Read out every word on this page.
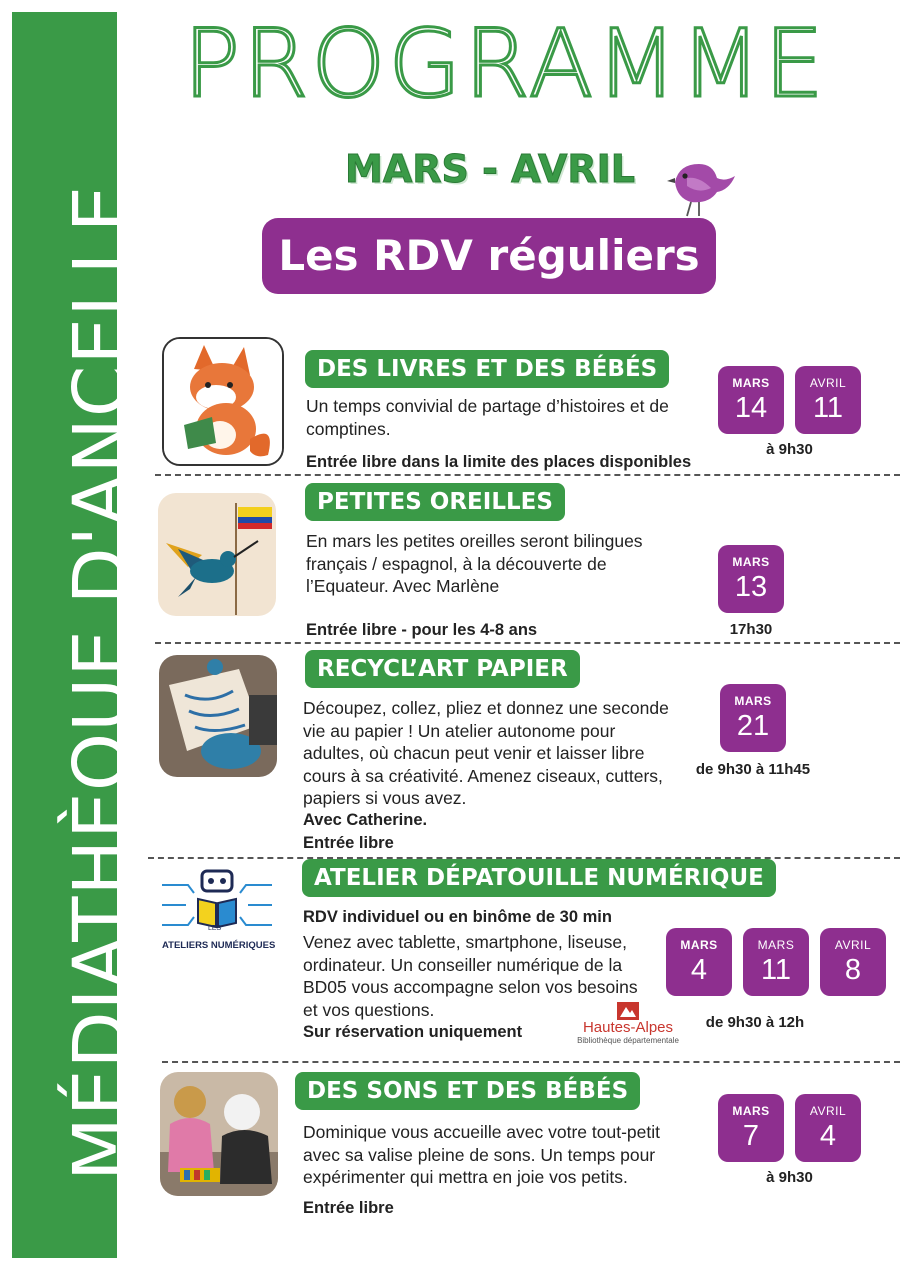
MÉDIATHÈQUE D'ANCELLE
PROGRAMME
MARS - AVRIL
Les RDV réguliers
DES LIVRES ET DES BÉBÉS
Un temps convivial de partage d’histoires et de comptines.
Entrée libre dans la limite des places disponibles
MARS
14
AVRIL
11
à 9h30
PETITES OREILLES
En mars les petites oreilles seront bilingues français / espagnol, à la découverte de l’Equateur. Avec Marlène
Entrée libre - pour les 4-8 ans
MARS
13
17h30
RECYCL’ART PAPIER
Découpez, collez, pliez et donnez une seconde vie au papier ! Un atelier autonome pour adultes, où chacun peut venir et laisser libre cours à sa créativité. Amenez ciseaux, cutters, papiers si vous avez.
Avec Catherine.
Entrée libre
MARS
21
de 9h30 à 11h45
LES
ATELIERS NUMÉRIQUES
ATELIER DÉPATOUILLE NUMÉRIQUE
RDV individuel ou en binôme de 30 min
Venez avec tablette, smartphone, liseuse, ordinateur. Un conseiller numérique de la BD05 vous accompagne selon vos besoins et vos questions.
Sur réservation uniquement	Hautes-Alpes
Bibliothèque départementale
MARS
4
MARS
11
AVRIL
8
de 9h30 à 12h
DES SONS ET DES BÉBÉS
Dominique vous accueille avec votre tout-petit avec sa valise pleine de sons. Un temps pour expérimenter qui mettra en joie vos petits.
Entrée libre
MARS
7
AVRIL
4
à 9h30
